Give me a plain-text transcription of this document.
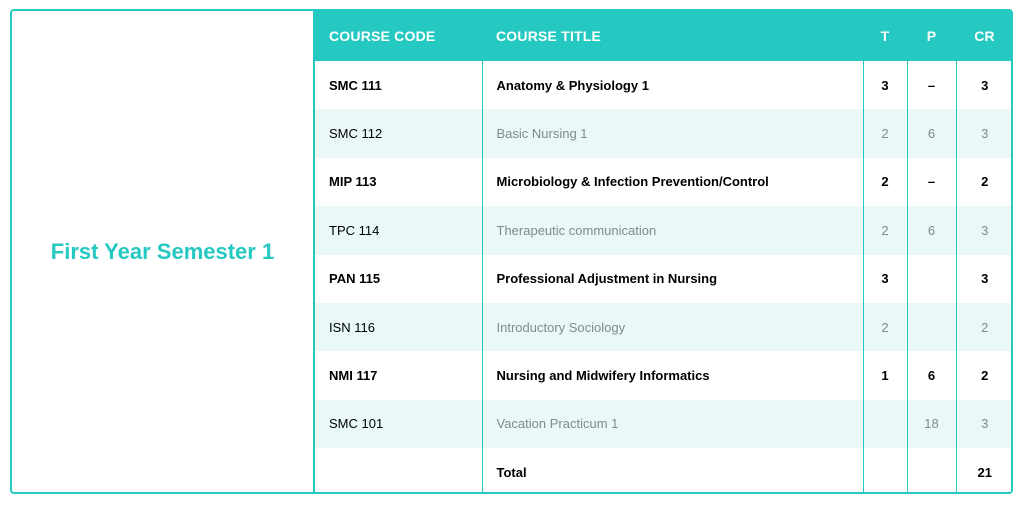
First Year Semester 1
COURSE CODE	COURSE TITLE	T	P	CR
SMC 111	Anatomy & Physiology 1	3	–	3
SMC 112	Basic Nursing 1	2	6	3
MIP 113	Microbiology & Infection Prevention/Control	2	–	2
TPC 114	Therapeutic communication	2	6	3
PAN 115	Professional Adjustment in Nursing	3		3
ISN 116	Introductory Sociology	2		2
NMI 117	Nursing and Midwifery Informatics	1	6	2
SMC 101	Vacation Practicum 1		18	3
	Total			21
